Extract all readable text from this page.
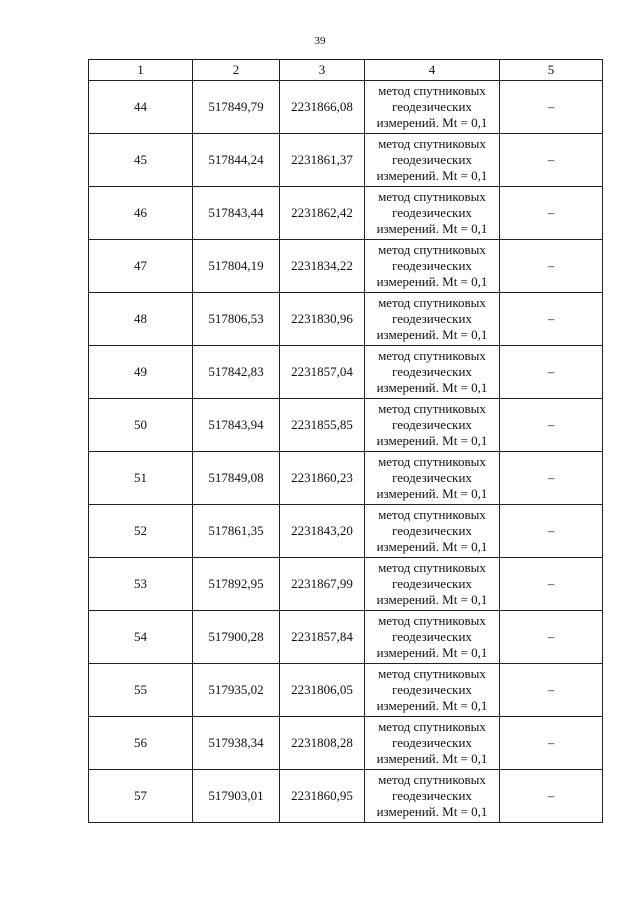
39
1	2	3	4	5
44	517849,79	2231866,08	метод спутниковых
геодезических
измерений. Mt = 0,1	–
45	517844,24	2231861,37	метод спутниковых
геодезических
измерений. Mt = 0,1	–
46	517843,44	2231862,42	метод спутниковых
геодезических
измерений. Mt = 0,1	–
47	517804,19	2231834,22	метод спутниковых
геодезических
измерений. Mt = 0,1	–
48	517806,53	2231830,96	метод спутниковых
геодезических
измерений. Mt = 0,1	–
49	517842,83	2231857,04	метод спутниковых
геодезических
измерений. Mt = 0,1	–
50	517843,94	2231855,85	метод спутниковых
геодезических
измерений. Mt = 0,1	–
51	517849,08	2231860,23	метод спутниковых
геодезических
измерений. Mt = 0,1	–
52	517861,35	2231843,20	метод спутниковых
геодезических
измерений. Mt = 0,1	–
53	517892,95	2231867,99	метод спутниковых
геодезических
измерений. Mt = 0,1	–
54	517900,28	2231857,84	метод спутниковых
геодезических
измерений. Mt = 0,1	–
55	517935,02	2231806,05	метод спутниковых
геодезических
измерений. Mt = 0,1	–
56	517938,34	2231808,28	метод спутниковых
геодезических
измерений. Mt = 0,1	–
57	517903,01	2231860,95	метод спутниковых
геодезических
измерений. Mt = 0,1	–
